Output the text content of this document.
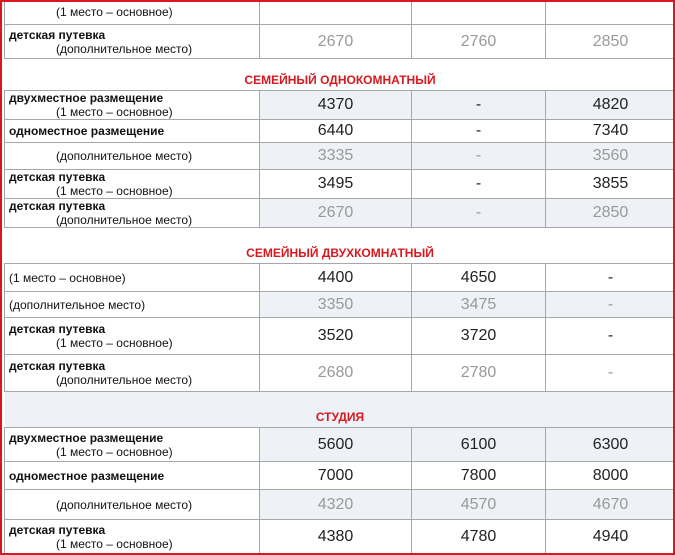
(1 место – основное)			

детская путевка
(дополнительное место)	2670	2760	2850
СЕМЕЙНЫЙ ОДНОКОМНАТНЫЙ			

двухместное размещение
(1 место – основное)	4370	-	4820

одноместное размещение	6440	-	7340

(дополнительное место)	3335	-	3560

детская путевка
(1 место – основное)	3495	-	3855

детская путевка
(дополнительное место)	2670	-	2850
СЕМЕЙНЫЙ ДВУХКОМНАТНЫЙ			

(1 место – основное)	4400	4650	-

(дополнительное место)	3350	3475	-

детская путевка
(1 место – основное)	3520	3720	-

детская путевка
(дополнительное место)	2680	2780	-
СТУДИЯ			

двухместное размещение
(1 место – основное)	5600	6100	6300

одноместное размещение	7000	7800	8000

(дополнительное место)	4320	4570	4670

детская путевка
(1 место – основное)	4380	4780	4940
